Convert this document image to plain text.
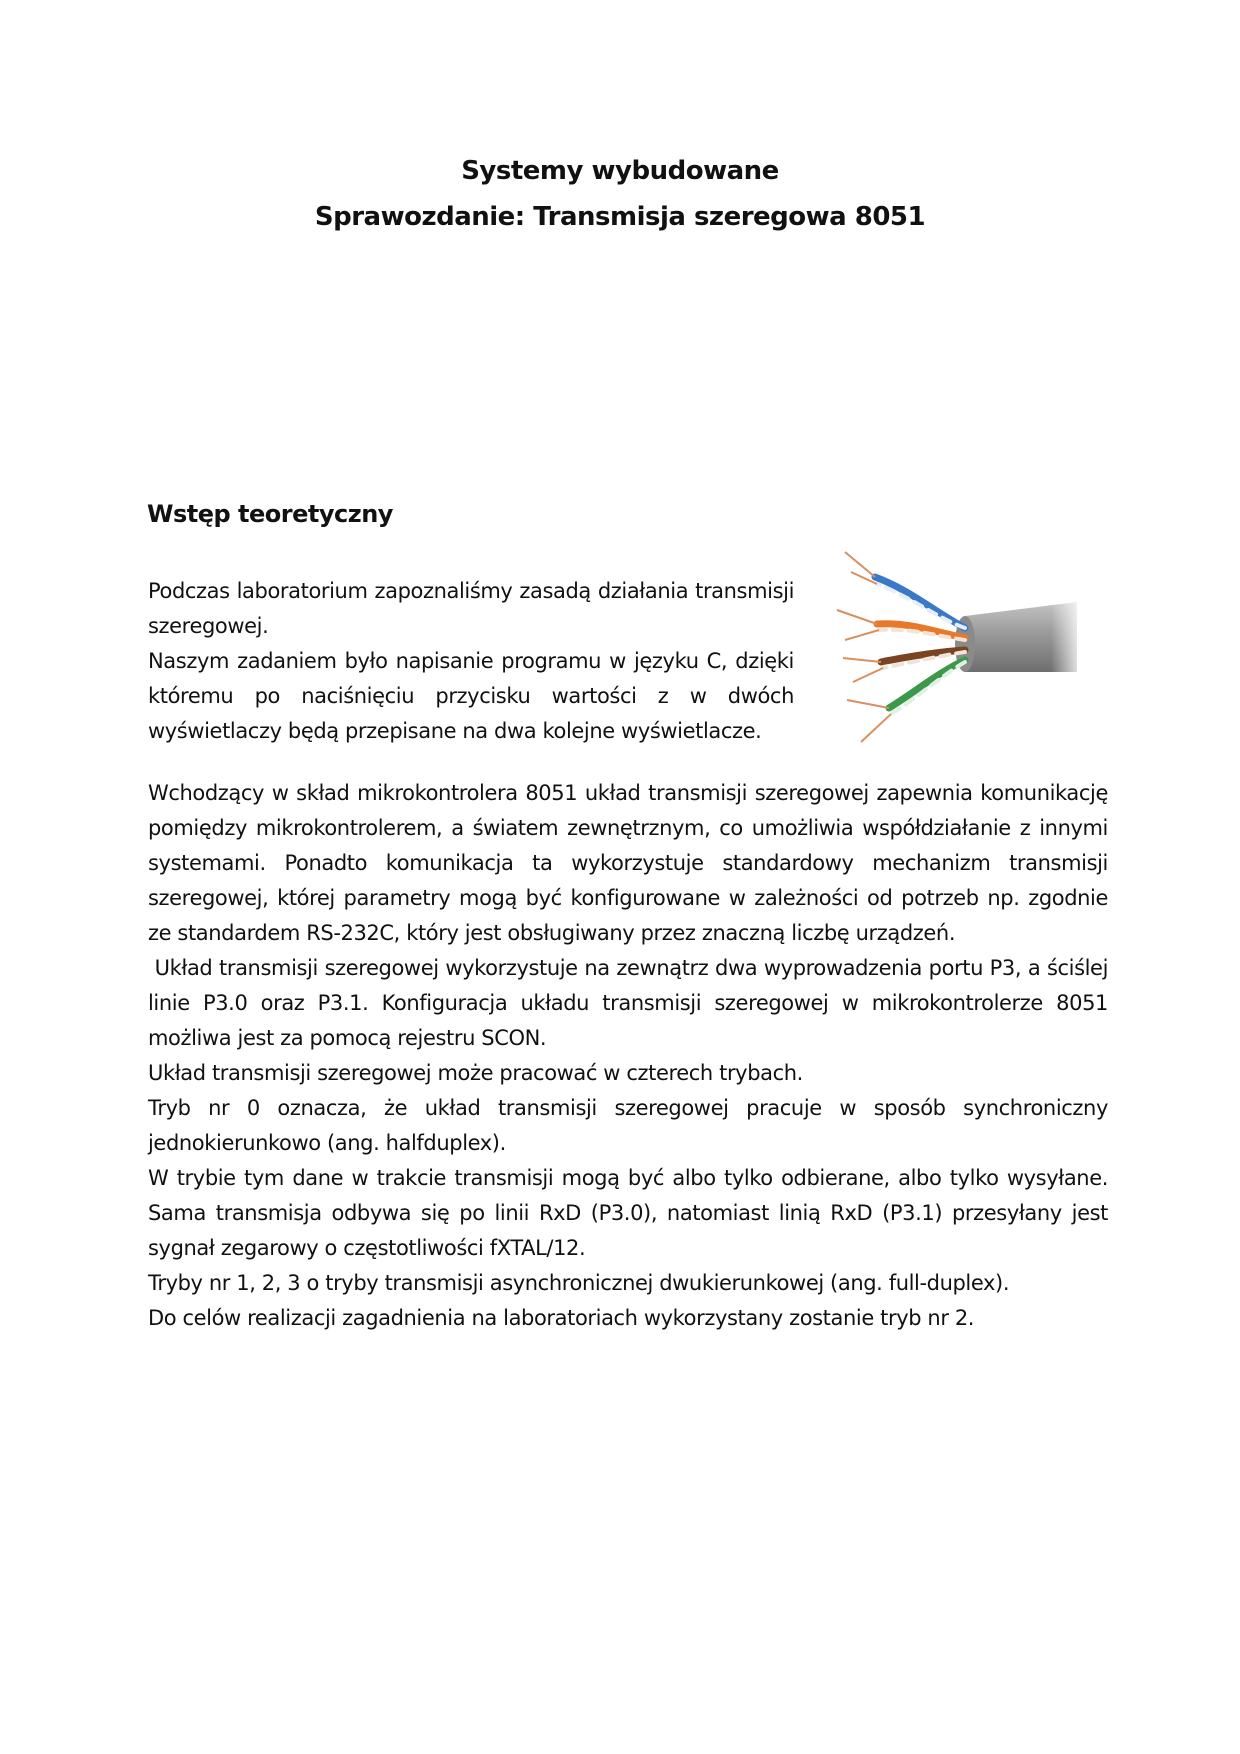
Systemy wybudowane
Sprawozdanie: Transmisja szeregowa 8051
Wstęp teoretyczny

Podczas laboratorium zapoznaliśmy zasadą działania transmisji

szeregowej.

Naszym zadaniem było napisanie programu w języku C, dzięki

któremu po naciśnięciu przycisku wartości z w dwóch

wyświetlaczy będą przepisane na dwa kolejne wyświetlacze.

Wchodzący w skład mikrokontrolera 8051 układ transmisji szeregowej zapewnia komunikację

pomiędzy mikrokontrolerem, a światem zewnętrznym, co umożliwia współdziałanie z innymi

systemami. Ponadto komunikacja ta wykorzystuje standardowy mechanizm transmisji

szeregowej, której parametry mogą być konfigurowane w zależności od potrzeb np. zgodnie

ze standardem RS-232C, który jest obsługiwany przez znaczną liczbę urządzeń.

Układ transmisji szeregowej wykorzystuje na zewnątrz dwa wyprowadzenia portu P3, a ściślej

linie P3.0 oraz P3.1. Konfiguracja układu transmisji szeregowej w mikrokontrolerze 8051

możliwa jest za pomocą rejestru SCON.

Układ transmisji szeregowej może pracować w czterech trybach.

Tryb nr 0 oznacza, że układ transmisji szeregowej pracuje w sposób synchroniczny

jednokierunkowo (ang. halfduplex).

W trybie tym dane w trakcie transmisji mogą być albo tylko odbierane, albo tylko wysyłane.

Sama transmisja odbywa się po linii RxD (P3.0), natomiast linią RxD (P3.1) przesyłany jest

sygnał zegarowy o częstotliwości fXTAL/12.

Tryby nr 1, 2, 3 o tryby transmisji asynchronicznej dwukierunkowej (ang. full-duplex).

Do celów realizacji zagadnienia na laboratoriach wykorzystany zostanie tryb nr 2.
